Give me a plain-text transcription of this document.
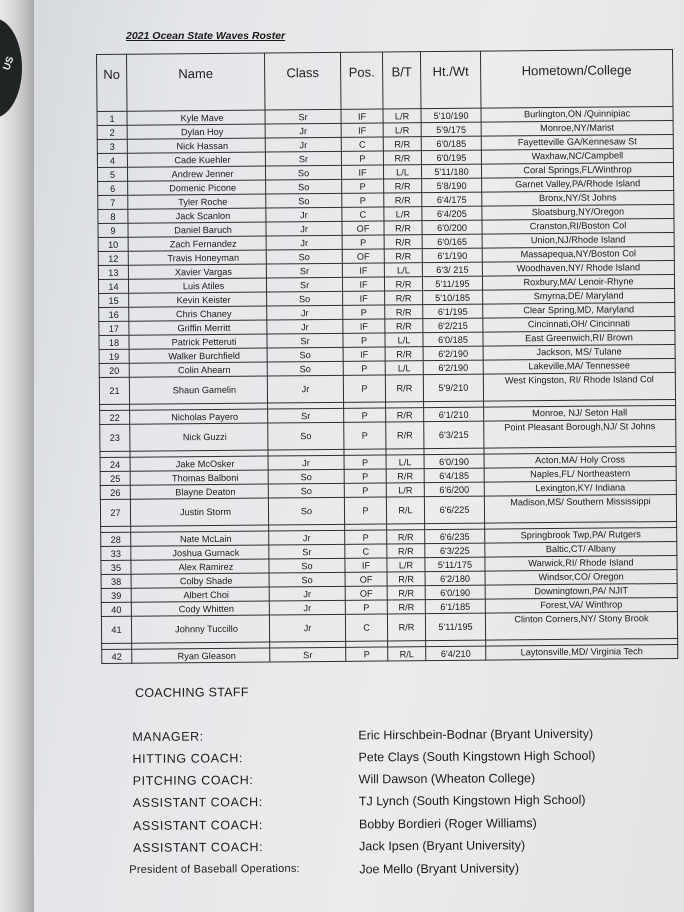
US
2021 Ocean State Waves Roster
No	Name	Class	Pos.	B/T	Ht./Wt	Hometown/College
1	Kyle Mave	Sr	IF	L/R	5'10/190	Burlington,ON /Quinnipiac
2	Dylan Hoy	Jr	IF	L/R	5'9/175	Monroe,NY/Marist
3	Nick Hassan	Jr	C	R/R	6'0/185	Fayetteville GA/Kennesaw St
4	Cade Kuehler	Sr	P	R/R	6'0/195	Waxhaw,NC/Campbell
5	Andrew Jenner	So	IF	L/L	5'11/180	Coral Springs,FL/Winthrop
6	Domenic Picone	So	P	R/R	5'8/190	Garnet Valley,PA/Rhode Island
7	Tyler Roche	So	P	R/R	6'4/175	Bronx,NY/St Johns
8	Jack Scanlon	Jr	C	L/R	6'4/205	Sloatsburg,NY/Oregon
9	Daniel Baruch	Jr	OF	R/R	6'0/200	Cranston,RI/Boston Col
10	Zach Fernandez	Jr	P	R/R	6'0/165	Union,NJ/Rhode Island
12	Travis Honeyman	So	OF	R/R	6'1/190	Massapequa,NY/Boston Col
13	Xavier Vargas	Sr	IF	L/L	6'3/ 215	Woodhaven,NY/ Rhode Island
14	Luis Atiles	Sr	IF	R/R	5'11/195	Roxbury,MA/ Lenoir-Rhyne
15	Kevin Keister	So	IF	R/R	5'10/185	Smyrna,DE/ Maryland
16	Chris Chaney	Jr	P	R/R	6'1/195	Clear Spring,MD, Maryland
17	Griffin Merritt	Jr	IF	R/R	6'2/215	Cincinnati,OH/ Cincinnati
18	Patrick Petteruti	Sr	P	L/L	6'0/185	East Greenwich,RI/ Brown
19	Walker Burchfield	So	IF	R/R	6'2/190	Jackson, MS/ Tulane
20	Colin Ahearn	So	P	L/L	6'2/190	Lakeville,MA/ Tennessee
21	Shaun Gamelin	Jr	P	R/R	5'9/210	West Kingston, RI/ Rhode Island Col

22	Nicholas Payero	Sr	P	R/R	6'1/210	Monroe, NJ/ Seton Hall
23	Nick Guzzi	So	P	R/R	6'3/215	Point Pleasant Borough,NJ/ St Johns

24	Jake McOsker	Jr	P	L/L	6'0/190	Acton,MA/ Holy Cross
25	Thomas Balboni	So	P	R/R	6'4/185	Naples,FL/ Northeastern
26	Blayne Deaton	So	P	L/R	6'6/200	Lexington,KY/ Indiana
27	Justin Storm	So	P	R/L	6'6/225	Madison,MS/ Southern Mississippi

28	Nate McLain	Jr	P	R/R	6'6/235	Springbrook Twp,PA/ Rutgers
33	Joshua Gurnack	Sr	C	R/R	6'3/225	Baltic,CT/ Albany
35	Alex Ramirez	So	IF	L/R	5'11/175	Warwick,RI/ Rhode Island
38	Colby Shade	So	OF	R/R	6'2/180	Windsor,CO/ Oregon
39	Albert Choi	Jr	OF	R/R	6'0/190	Downingtown,PA/ NJIT
40	Cody Whitten	Jr	P	R/R	6'1/185	Forest,VA/ Winthrop
41	Johnny Tuccillo	Jr	C	R/R	5'11/195	Clinton Corners,NY/ Stony Brook

42	Ryan Gleason	Sr	P	R/L	6'4/210	Laytonsville,MD/ Virginia Tech
COACHING STAFF
MANAGER:	Eric Hirschbein-Bodnar (Bryant University)
HITTING COACH:	Pete Clays (South Kingstown High School)
PITCHING COACH:	Will Dawson (Wheaton College)
ASSISTANT COACH:	TJ Lynch (South Kingstown High School)
ASSISTANT COACH:	Bobby Bordieri (Roger Williams)
ASSISTANT COACH:	Jack Ipsen (Bryant University)
President of Baseball Operations:	Joe Mello (Bryant University)
